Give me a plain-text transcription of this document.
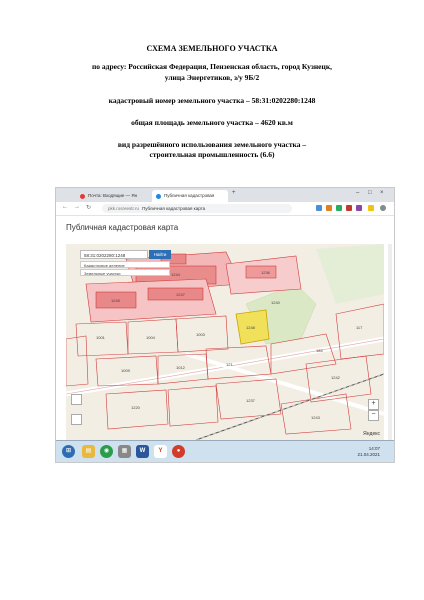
СХЕМА ЗЕМЕЛЬНОГО УЧАСТКА
по адресу: Российская Федерация, Пензенская область, город Кузнецк,
улица Энергетиков, з/у 9Б/2
кадастровый номер земельного участка – 58:31:0202280:1248
общая площадь земельного участка – 4620 кв.м
вид разрешённого использования земельного участка –
строительная промышленность (6.6)
Почта: Входящие — Ян	Публичная кадастровая	+	– □ ×
← → ↻	pkk.rosreestr.ru Публичная кадастровая карта
Публичная кадастровая карта
1244
1245
1248
1236
1247
1240
117
185
1001	1004
1003
1009
121
1012
1237
1242
1220
1243
58:31:0202280:1248	Найти
Кадастровое деление
Земельные участки
+
−
Яндекс
⊞	▤	◉	▦	W	Y	●	14:07
21.04.2021
